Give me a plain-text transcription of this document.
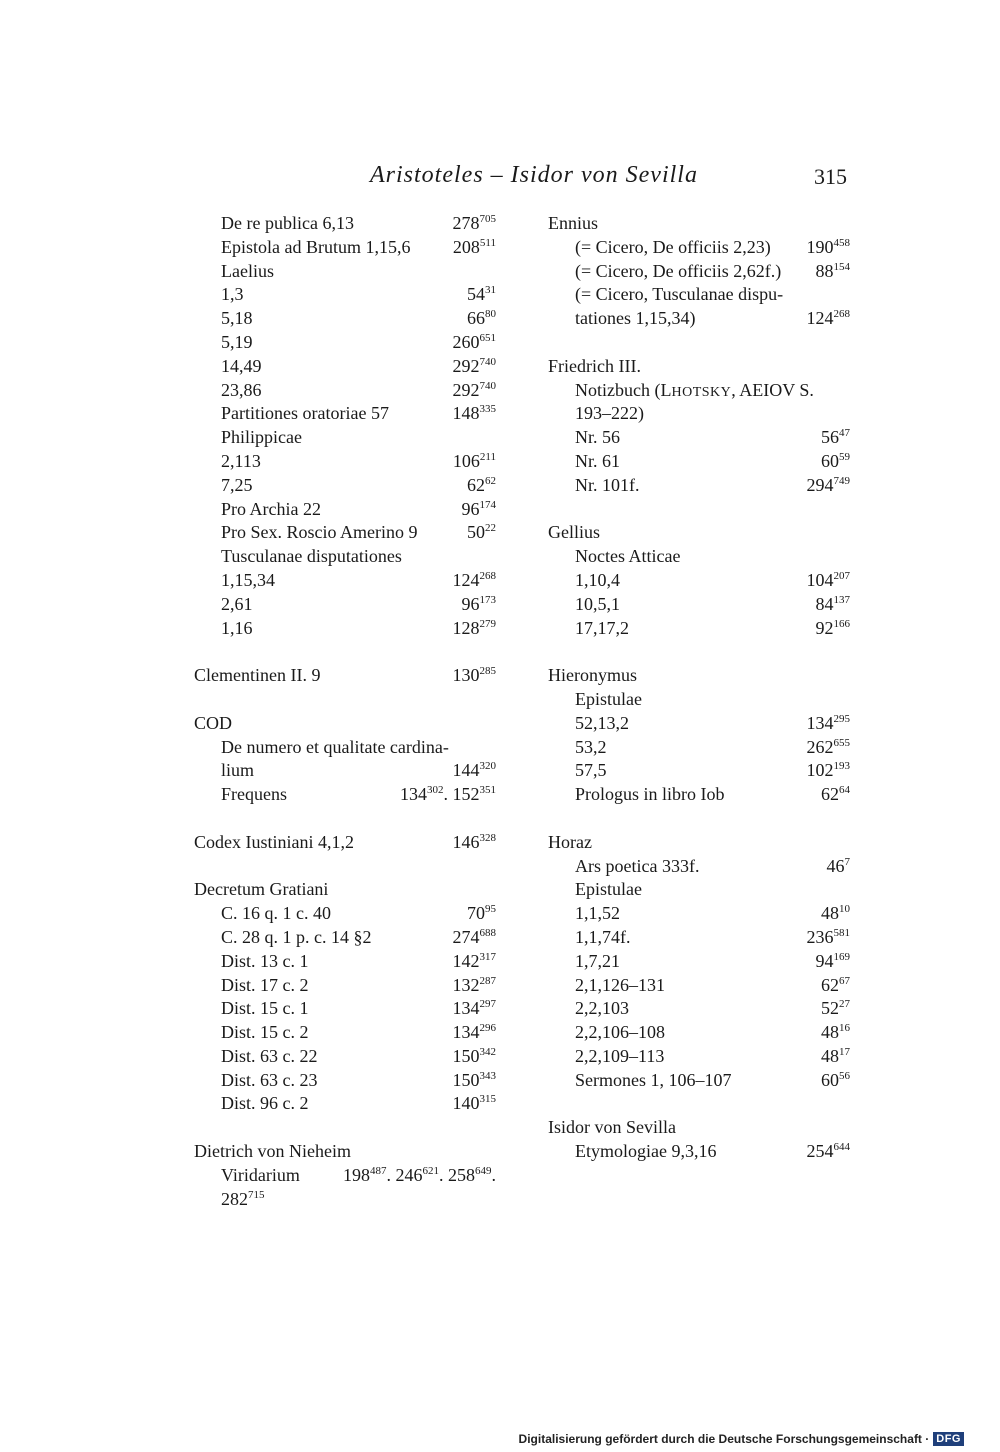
Aristoteles – Isidor von Sevilla	315
De re publica 6,13	$278^{705}$
Epistola ad Brutum 1,15,6 $208^{511}$
Laelius
1,3	$54^{31}$
5,18	$66^{80}$
5,19	$260^{651}$
14,49	$292^{740}$
23,86	$292^{740}$
Partitiones oratoriae 57	$148^{335}$
Philippicae
2,113	$106^{211}$
7,25	$62^{62}$
Pro Archia 22	$96^{174}$
Pro Sex. Roscio Amerino 9	$50^{22}$
Tusculanae disputationes
1,15,34	$124^{268}$
2,61	$96^{173}$
1,16	$128^{279}$
Clementinen II. 9	$130^{285}$
COD
De numero et qualitate cardina-
lium	$144^{320}$
Frequens	$134^{302}$. $152^{351}$
Codex Iustiniani 4,1,2	$146^{328}$
Decretum Gratiani
C. 16 q. 1 c. 40	$70^{95}$
C. 28 q. 1 p. c. 14 §2	$274^{688}$
Dist. 13 c. 1	$142^{317}$
Dist. 17 c. 2	$132^{287}$
Dist. 15 c. 1	$134^{297}$
Dist. 15 c. 2	$134^{296}$
Dist. 63 c. 22	$150^{342}$
Dist. 63 c. 23	$150^{343}$
Dist. 96 c. 2	$140^{315}$
Dietrich von Nieheim
Viridarium $198^{487}$. $246^{621}$. $258^{649}$.
$282^{715}$
Ennius
(= Cicero, De officiis 2,23) $190^{458}$
(= Cicero, De officiis 2,62f.) $88^{154}$
(= Cicero, Tusculanae dispu-
tationes 1,15,34)	$124^{268}$
Friedrich III.
Notizbuch (LHOTSKY, AEIOV S.
193–222)
Nr. 56	$56^{47}$
Nr. 61	$60^{59}$
Nr. 101f.	$294^{749}$
Gellius
Noctes Atticae
1,10,4	$104^{207}$
10,5,1	$84^{137}$
17,17,2	$92^{166}$
Hieronymus
Epistulae
52,13,2	$134^{295}$
53,2	$262^{655}$
57,5	$102^{193}$
Prologus in libro Iob	$62^{64}$
Horaz
Ars poetica 333f.	$46^7$
Epistulae
1,1,52	$48^{10}$
1,1,74f.	$236^{581}$
1,7,21	$94^{169}$
2,1,126–131	$62^{67}$
2,2,103	$52^{27}$
2,2,106–108	$48^{16}$
2,2,109–113	$48^{17}$
Sermones 1, 106–107	$60^{56}$
Isidor von Sevilla
Etymologiae 9,3,16	$254^{644}$
Digitalisierung gefördert durch die Deutsche Forschungsgemeinschaft · DFG
